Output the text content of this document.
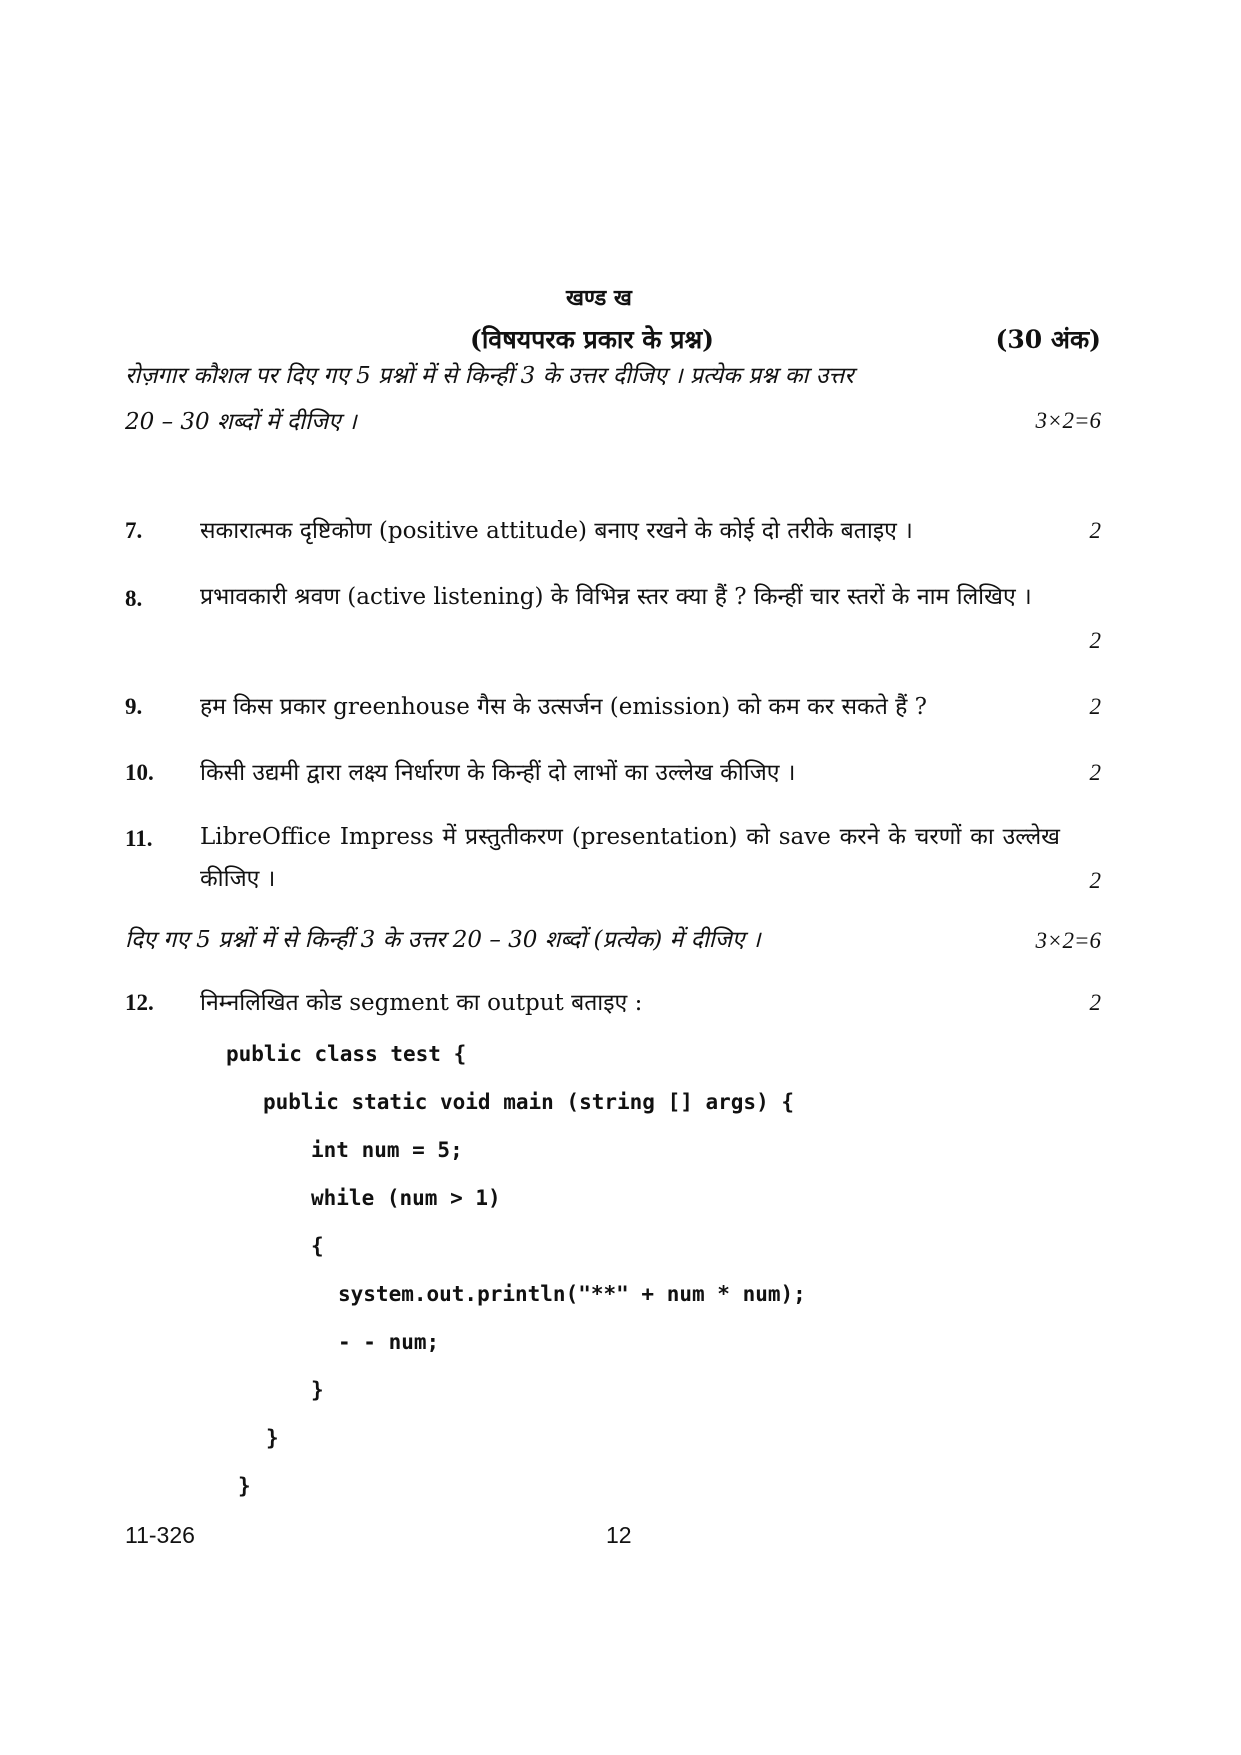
खण्ड ख
(विषयपरक प्रकार के प्रश्न)	(30 अंक)
रोज़गार कौशल पर दिए गए 5 प्रश्नों में से किन्हीं 3 के उत्तर दीजिए । प्रत्येक प्रश्न का उत्तर
20 – 30 शब्दों में दीजिए ।	3×2=6
7.	सकारात्मक दृष्टिकोण (positive attitude) बनाए रखने के कोई दो तरीके बताइए ।	2
8.	प्रभावकारी श्रवण (active listening) के विभिन्न स्तर क्या हैं ? किन्हीं चार स्तरों के नाम लिखिए ।
2
9.	हम किस प्रकार greenhouse गैस के उत्सर्जन (emission) को कम कर सकते हैं ?	2
10. किसी उद्यमी द्वारा लक्ष्य निर्धारण के किन्हीं दो लाभों का उल्लेख कीजिए ।	2
11. LibreOffice Impress में प्रस्तुतीकरण (presentation) को save करने के चरणों का उल्लेख कीजिए ।	2
दिए गए 5 प्रश्नों में से किन्हीं 3 के उत्तर 20 – 30 शब्दों (प्रत्येक) में दीजिए ।	3×2=6
12. निम्नलिखित कोड segment का output बताइए :	2
public class test {
public static void main (string [] args) {
int num = 5;
while (num > 1)
{
system.out.println("**" + num * num);
- - num;
}
}
}
11-326	12
